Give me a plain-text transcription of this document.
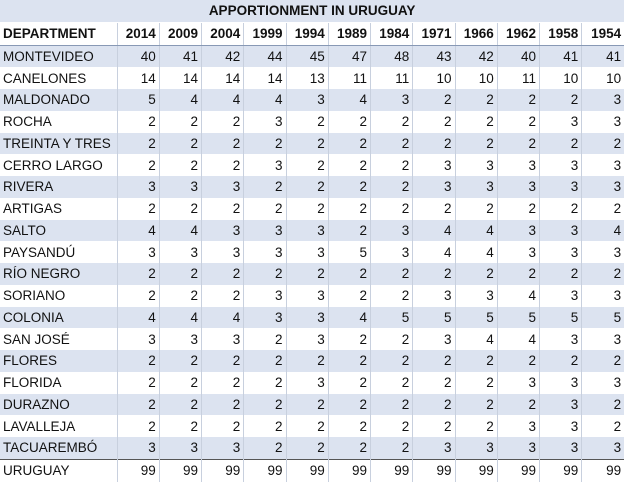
APPORTIONMENT IN URUGUAY												
DEPARTMENT	2014	2009	2004	1999	1994	1989	1984	1971	1966	1962	1958	1954
MONTEVIDEO	40	41	42	44	45	47	48	43	42	40	41	41
CANELONES	14	14	14	14	13	11	11	10	10	11	10	10
MALDONADO	5	4	4	4	3	4	3	2	2	2	2	3
ROCHA	2	2	2	3	2	2	2	2	2	2	3	3
TREINTA Y TRES	2	2	2	2	2	2	2	2	2	2	2	2
CERRO LARGO	2	2	2	3	2	2	2	3	3	3	3	3
RIVERA	3	3	3	2	2	2	2	3	3	3	3	3
ARTIGAS	2	2	2	2	2	2	2	2	2	2	2	2
SALTO	4	4	3	3	3	2	3	4	4	3	3	4
PAYSANDÚ	3	3	3	3	3	5	3	4	4	3	3	3
RÍO NEGRO	2	2	2	2	2	2	2	2	2	2	2	2
SORIANO	2	2	2	3	3	2	2	3	3	4	3	3
COLONIA	4	4	4	3	3	4	5	5	5	5	5	5
SAN JOSÉ	3	3	3	2	3	2	2	3	4	4	3	3
FLORES	2	2	2	2	2	2	2	2	2	2	2	2
FLORIDA	2	2	2	2	3	2	2	2	2	3	3	3
DURAZNO	2	2	2	2	2	2	2	2	2	2	3	2
LAVALLEJA	2	2	2	2	2	2	2	2	2	3	3	2
TACUAREMBÓ	3	3	3	2	2	2	2	3	3	3	3	3
URUGUAY	99	99	99	99	99	99	99	99	99	99	99	99
